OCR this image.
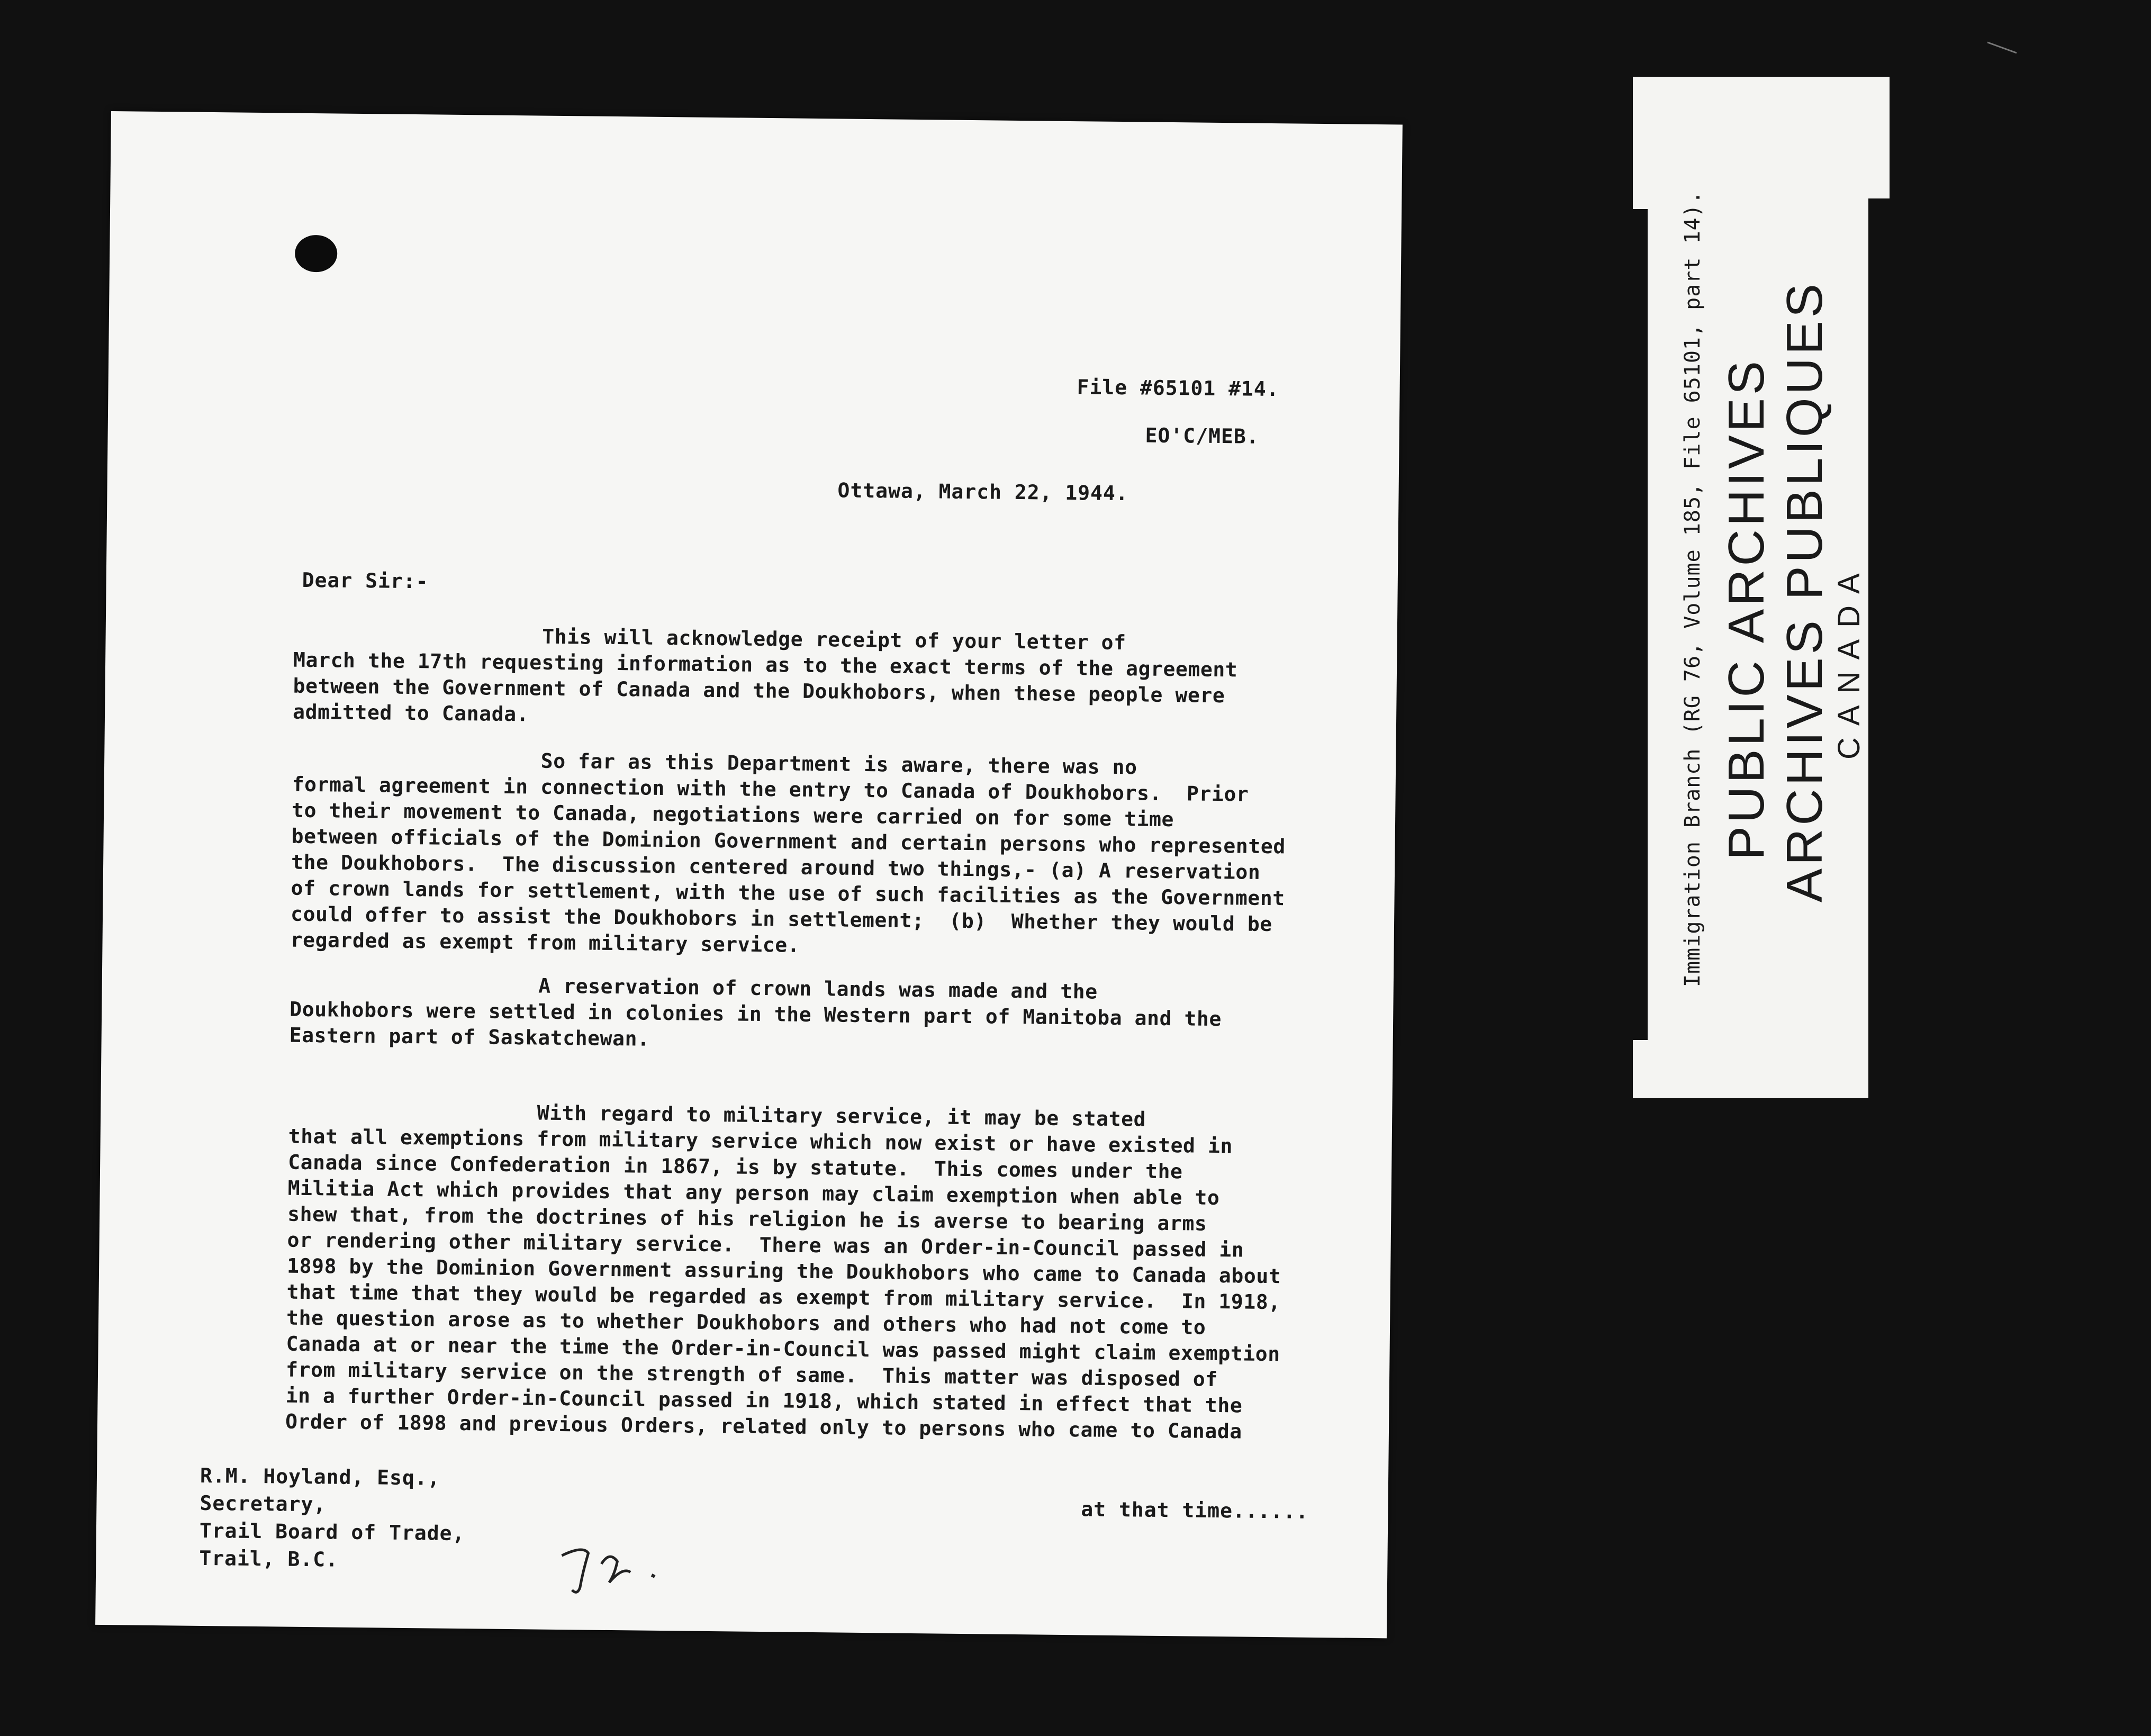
File #65101 #14.
EO'C/MEB.
Ottawa, March 22, 1944.
Dear Sir:-
This will acknowledge receipt of your letter of
March the 17th requesting information as to the exact terms of the agreement
between the Government of Canada and the Doukhobors, when these people were
admitted to Canada.
So far as this Department is aware, there was no
formal agreement in connection with the entry to Canada of Doukhobors.  Prior
to their movement to Canada, negotiations were carried on for some time
between officials of the Dominion Government and certain persons who represented
the Doukhobors.  The discussion centered around two things,- (a) A reservation
of crown lands for settlement, with the use of such facilities as the Government
could offer to assist the Doukhobors in settlement;  (b)  Whether they would be
regarded as exempt from military service.
A reservation of crown lands was made and the
Doukhobors were settled in colonies in the Western part of Manitoba and the
Eastern part of Saskatchewan.
With regard to military service, it may be stated
that all exemptions from military service which now exist or have existed in
Canada since Confederation in 1867, is by statute.  This comes under the
Militia Act which provides that any person may claim exemption when able to
shew that, from the doctrines of his religion he is averse to bearing arms
or rendering other military service.  There was an Order-in-Council passed in
1898 by the Dominion Government assuring the Doukhobors who came to Canada about
that time that they would be regarded as exempt from military service.  In 1918,
the question arose as to whether Doukhobors and others who had not come to
Canada at or near the time the Order-in-Council was passed might claim exemption
from military service on the strength of same.  This matter was disposed of
in a further Order-in-Council passed in 1918, which stated in effect that the
Order of 1898 and previous Orders, related only to persons who came to Canada
R.M. Hoyland, Esq.,
Secretary,
Trail Board of Trade,
Trail, B.C.
at that time......
Immigration Branch (RG 76, Volume 185, File 65101, part 14). PUBLIC ARCHIVES ARCHIVES PUBLIQUES
CANADA
